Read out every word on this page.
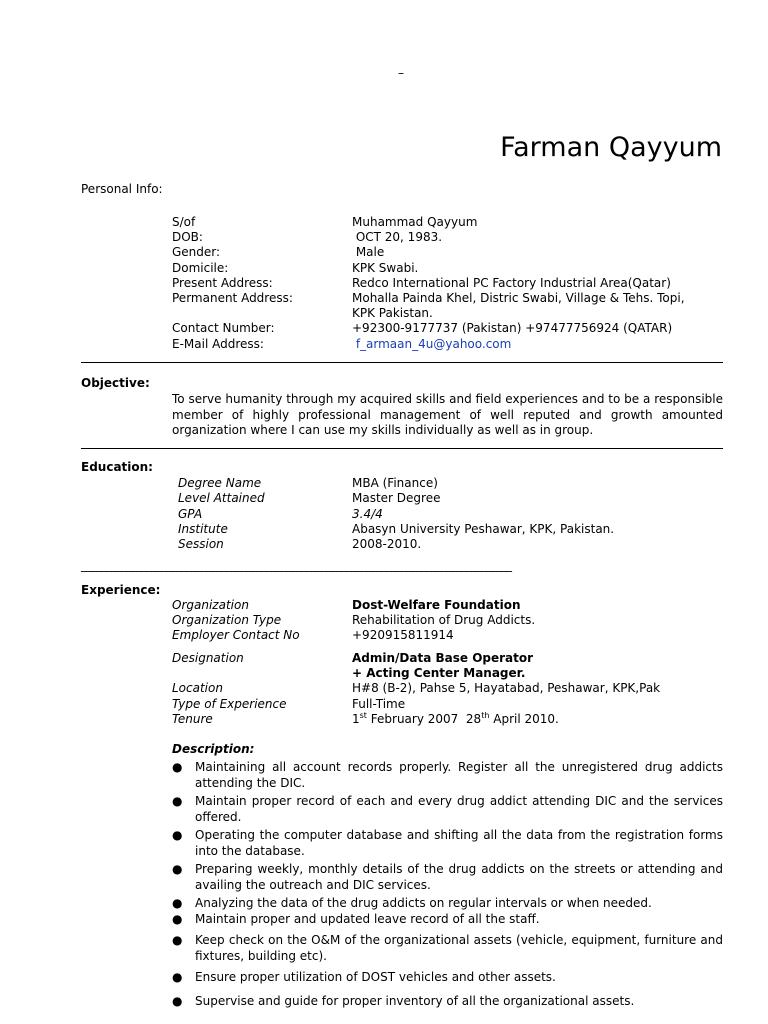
–
Farman Qayyum
Personal Info:
S/of	Muhammad Qayyum
DOB:	OCT 20, 1983.
Gender:	Male
Domicile:	KPK Swabi.
Present Address:	Redco International PC Factory Industrial Area(Qatar)
Permanent Address:	Mohalla Painda Khel, Distric Swabi, Village & Tehs. Topi,
KPK Pakistan.
Contact Number:	+92300-9177737 (Pakistan) +97477756924 (QATAR)
E-Mail Address:	f_armaan_4u@yahoo.com
Objective:
To serve humanity through my acquired skills and field experiences and to be a responsible member of highly professional management of well reputed and growth amounted organization where I can use my skills individually as well as in group.
Education:
Degree Name	MBA (Finance)
Level Attained	Master Degree
GPA	3.4/4
Institute	Abasyn University Peshawar, KPK, Pakistan.
Session	2008-2010.
______________________________________________________________________________________
Experience:
Organization	Dost-Welfare Foundation
Organization Type	Rehabilitation of Drug Addicts.
Employer Contact No	+920915811914
Designation	Admin/Data Base Operator
+ Acting Center Manager.
Location	H#8 (B-2), Pahse 5, Hayatabad, Peshawar, KPK,Pak
Type of Experience	Full-Time
Tenure	1st February 2007  28th April 2010.
Description:
● Maintaining all account records properly. Register all the unregistered drug addicts attending the DIC.
● Maintain proper record of each and every drug addict attending DIC and the services offered.
● Operating the computer database and shifting all the data from the registration forms into the database.
● Preparing weekly, monthly details of the drug addicts on the streets or attending and availing the outreach and DIC services.
● Analyzing the data of the drug addicts on regular intervals or when needed.
● Maintain proper and updated leave record of all the staff.
● Keep check on the O&M of the organizational assets (vehicle, equipment, furniture and fixtures, building etc).
● Ensure proper utilization of DOST vehicles and other assets.
● Supervise and guide for proper inventory of all the organizational assets.
